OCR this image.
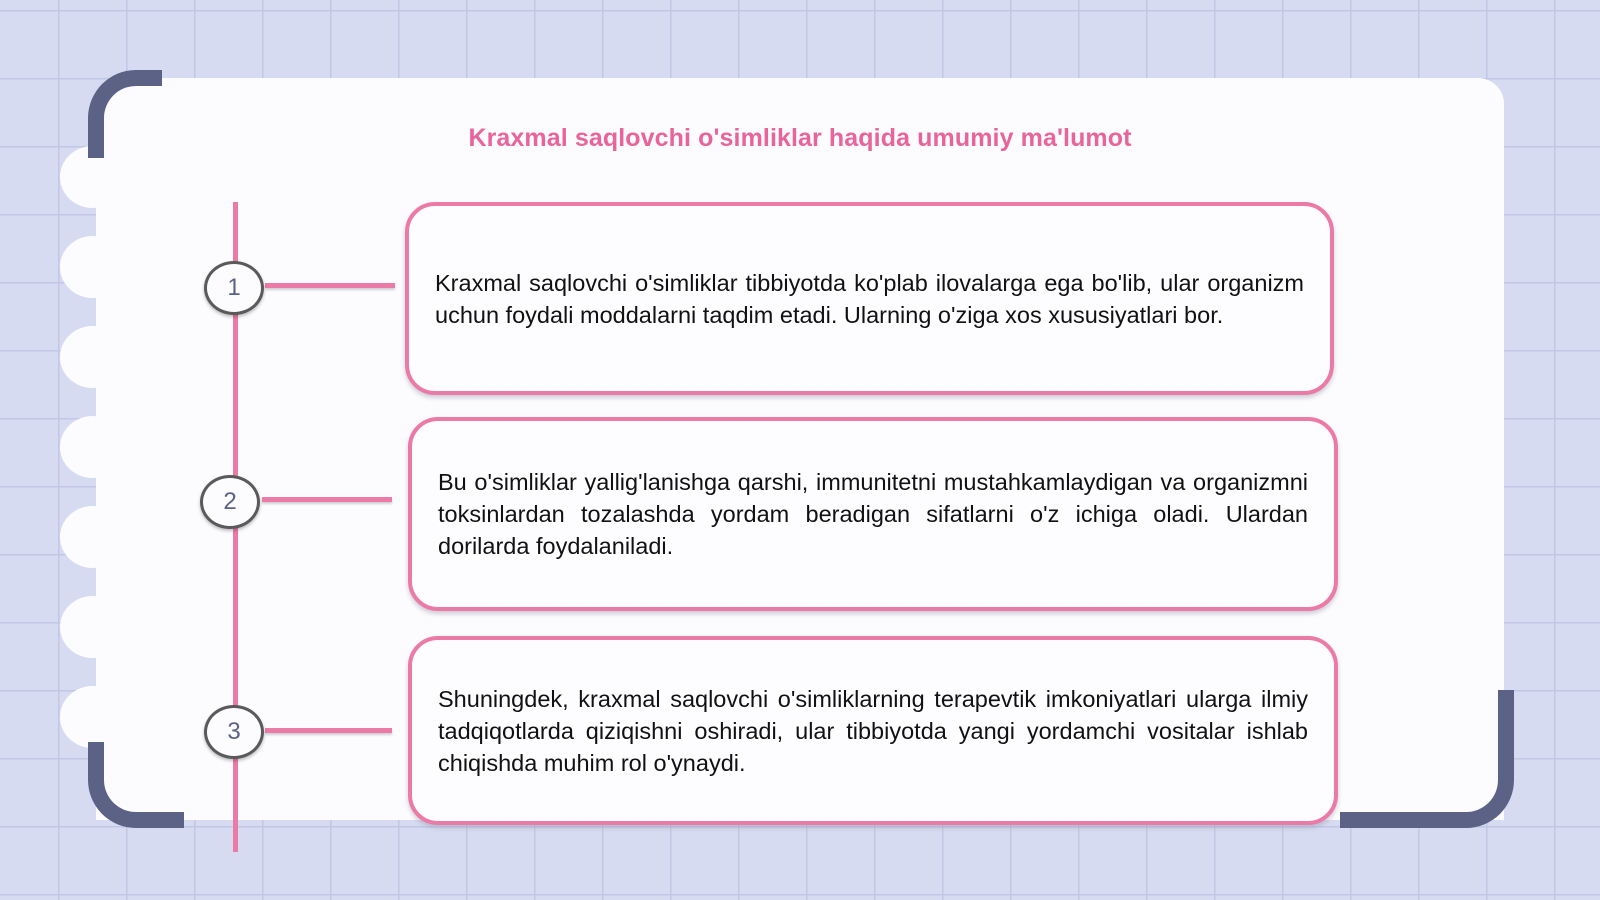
Kraxmal saqlovchi o'simliklar haqida umumiy ma'lumot
1	Kraxmal saqlovchi o'simliklar tibbiyotda ko'plab ilovalarga ega bo'lib, ular organizm uchun foydali moddalarni taqdim etadi. Ularning o'ziga xos xususiyatlari bor.

2

Bu o'simliklar yallig'lanishga qarshi, immunitetni mustahkamlaydigan va organizmni toksinlardan tozalashda yordam beradigan sifatlarni o'z ichiga oladi. Ulardan dorilarda foydalaniladi.

3

Shuningdek, kraxmal saqlovchi o'simliklarning terapevtik imkoniyatlari ularga ilmiy tadqiqotlarda qiziqishni oshiradi, ular tibbiyotda yangi yordamchi vositalar ishlab chiqishda muhim rol o'ynaydi.
